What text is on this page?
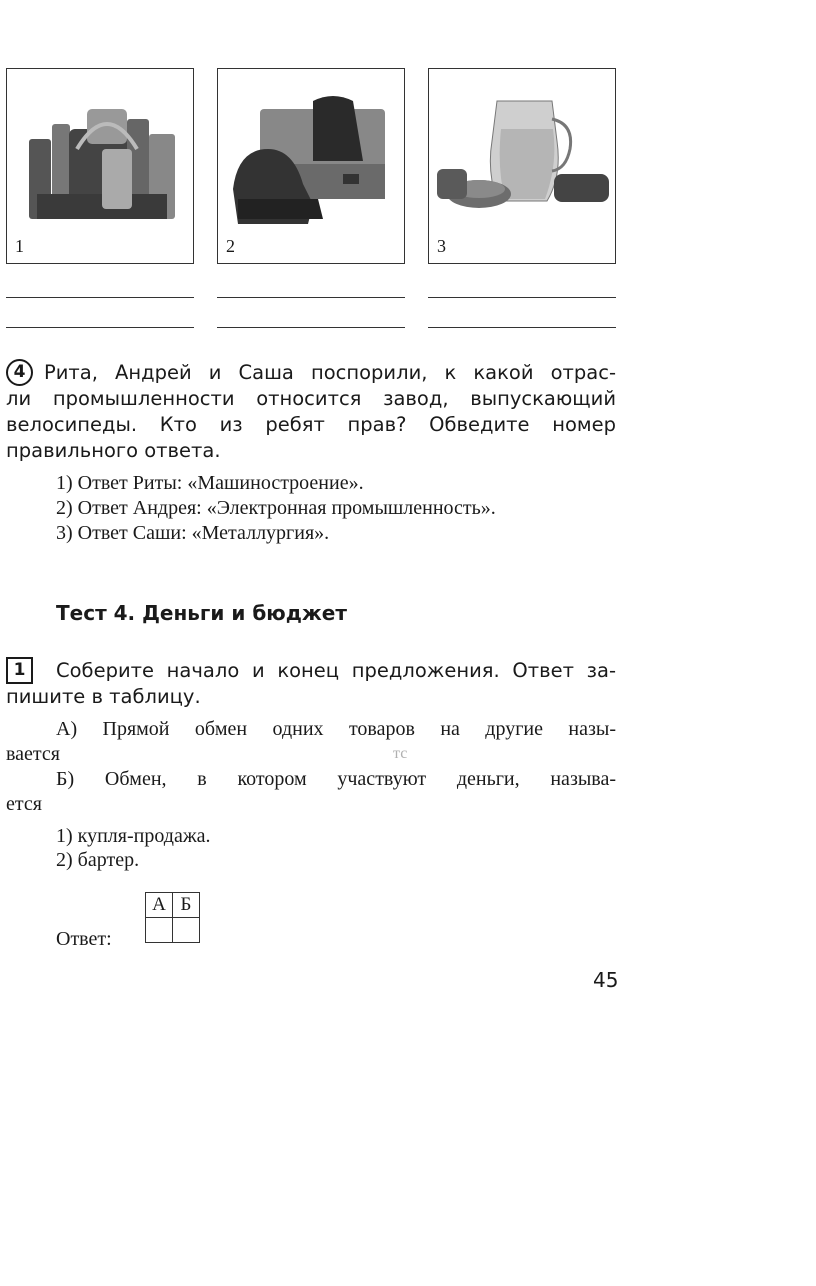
1	2	3
4 Рита, Андрей и Саша поспорили, к какой отрас-
ли промышленности относится завод, выпускающий
велосипеды. Кто из ребят прав? Обведите номер
правильного ответа.
1) Ответ Риты: «Машиностроение».
2) Ответ Андрея: «Электронная промышленность».
3) Ответ Саши: «Металлургия».
Тест 4. Деньги и бюджет
1	Соберите начало и конец предложения. Ответ за-
пишите в таблицу.
А) Прямой обмен одних товаров на другие назы-
вается	тс
Б) Обмен, в котором участвуют деньги, называ-
ется
1) купля-продажа.
2) бартер.
Ответ:
А	Б

45
